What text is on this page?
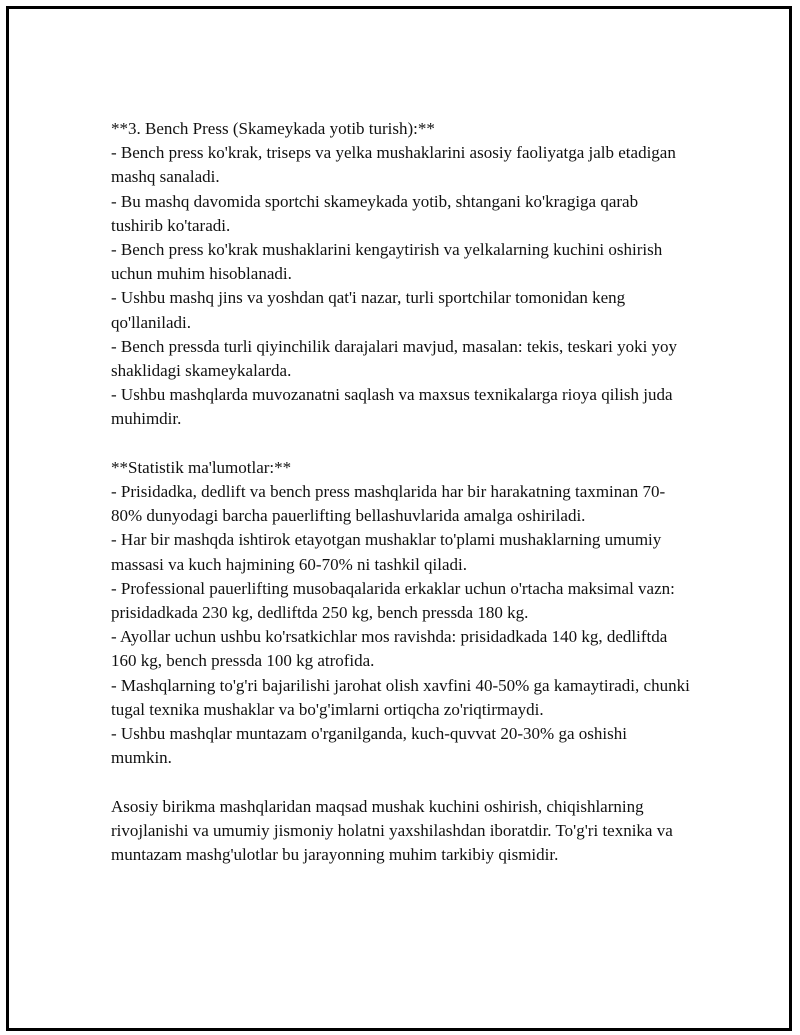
**3. Bench Press (Skameykada yotib turish):**
- Bench press ko'krak, triseps va yelka mushaklarini asosiy faoliyatga jalb etadigan mashq sanaladi.
- Bu mashq davomida sportchi skameykada yotib, shtangani ko'kragiga qarab tushirib ko'taradi.
- Bench press ko'krak mushaklarini kengaytirish va yelkalarning kuchini oshirish uchun muhim hisoblanadi.
- Ushbu mashq jins va yoshdan qat'i nazar, turli sportchilar tomonidan keng qo'llaniladi.
- Bench pressda turli qiyinchilik darajalari mavjud, masalan: tekis, teskari yoki yoy shaklidagi skameykalarda.
- Ushbu mashqlarda muvozanatni saqlash va maxsus texnikalarga rioya qilish juda muhimdir.
**Statistik ma'lumotlar:**
- Prisidadka, dedlift va bench press mashqlarida har bir harakatning taxminan 70-80% dunyodagi barcha pauerlifting bellashuvlarida amalga oshiriladi.
- Har bir mashqda ishtirok etayotgan mushaklar to'plami mushaklarning umumiy massasi va kuch hajmining 60-70% ni tashkil qiladi.
- Professional pauerlifting musobaqalarida erkaklar uchun o'rtacha maksimal vazn: prisidadkada 230 kg, dedliftda 250 kg, bench pressda 180 kg.
- Ayollar uchun ushbu ko'rsatkichlar mos ravishda: prisidadkada 140 kg, dedliftda 160 kg, bench pressda 100 kg atrofida.
- Mashqlarning to'g'ri bajarilishi jarohat olish xavfini 40-50% ga kamaytiradi, chunki tugal texnika mushaklar va bo'g'imlarni ortiqcha zo'riqtirmaydi.
- Ushbu mashqlar muntazam o'rganilganda, kuch-quvvat 20-30% ga oshishi mumkin.
Asosiy birikma mashqlaridan maqsad mushak kuchini oshirish, chiqishlarning rivojlanishi va umumiy jismoniy holatni yaxshilashdan iboratdir. To'g'ri texnika va muntazam mashg'ulotlar bu jarayonning muhim tarkibiy qismidir.
